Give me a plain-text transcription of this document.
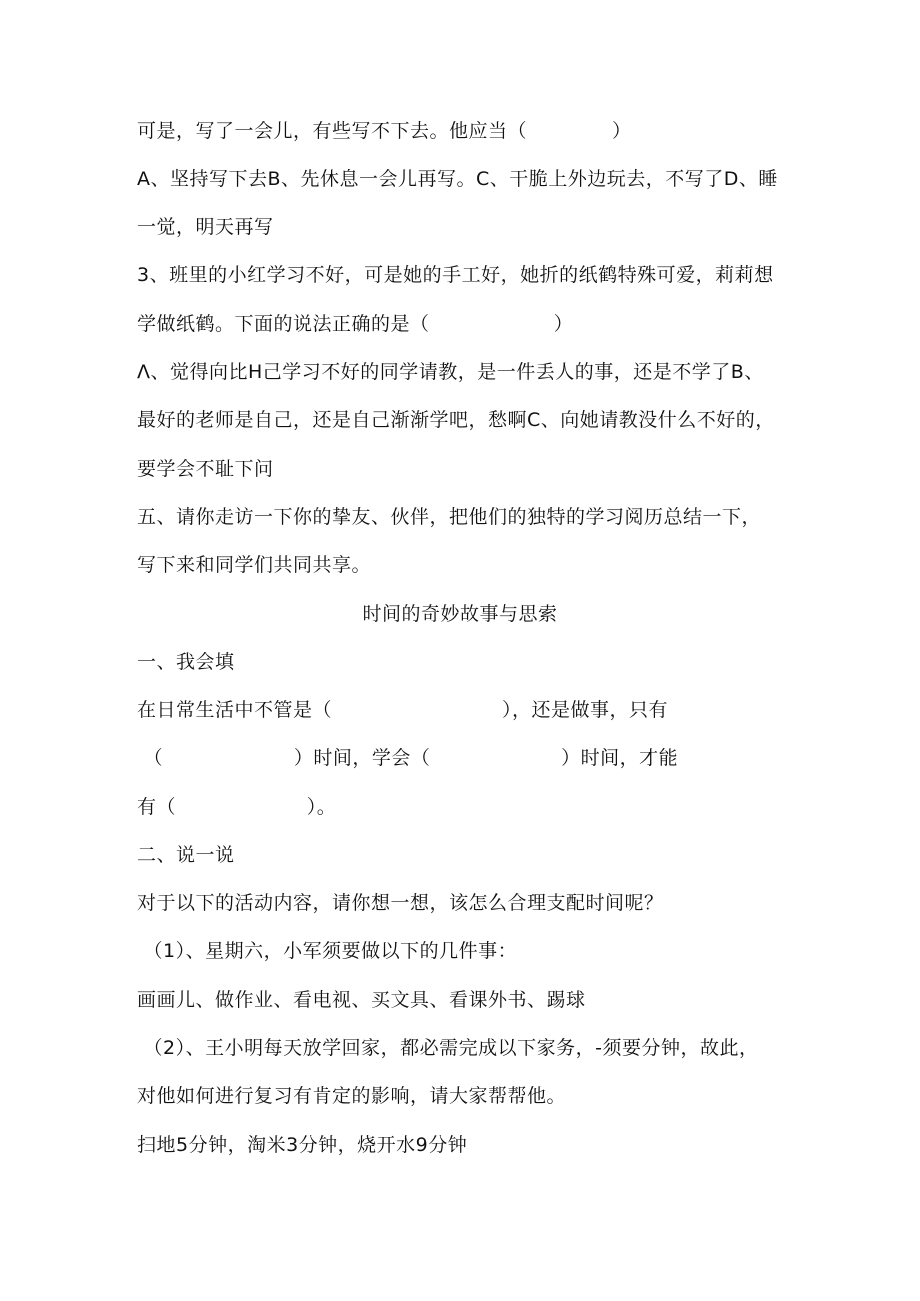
可是，写了一会儿，有些写不下去。他应当（             ）
A、坚持写下去B、先休息一会儿再写。C、干脆上外边玩去，不写了D、睡
一觉，明天再写
3、班里的小红学习不好，可是她的手工好，她折的纸鹤特殊可爱，莉莉想
学做纸鹤。下面的说法正确的是（                   ）
Λ、觉得向比H己学习不好的同学请教，是一件丢人的事，还是不学了B、
最好的老师是自己，还是自己渐渐学吧，愁啊C、向她请教没什么不好的，
要学会不耻下问
五、请你走访一下你的挚友、伙伴，把他们的独特的学习阅历总结一下，
写下来和同学们共同共享。
时间的奇妙故事与思索
一、我会填
在日常生活中不管是（                          ），还是做事，只有
（                    ）时间，学会（                    ）时间，才能
有（                    ）。
二、说一说
对于以下的活动内容，请你想一想，该怎么合理支配时间呢？
（1）、星期六，小军须要做以下的几件事：
画画儿、做作业、看电视、买文具、看课外书、踢球
（2）、王小明每天放学回家，都必需完成以下家务，-须要分钟，故此，
对他如何进行复习有肯定的影响，请大家帮帮他。
扫地5分钟，淘米3分钟，烧开水9分钟
